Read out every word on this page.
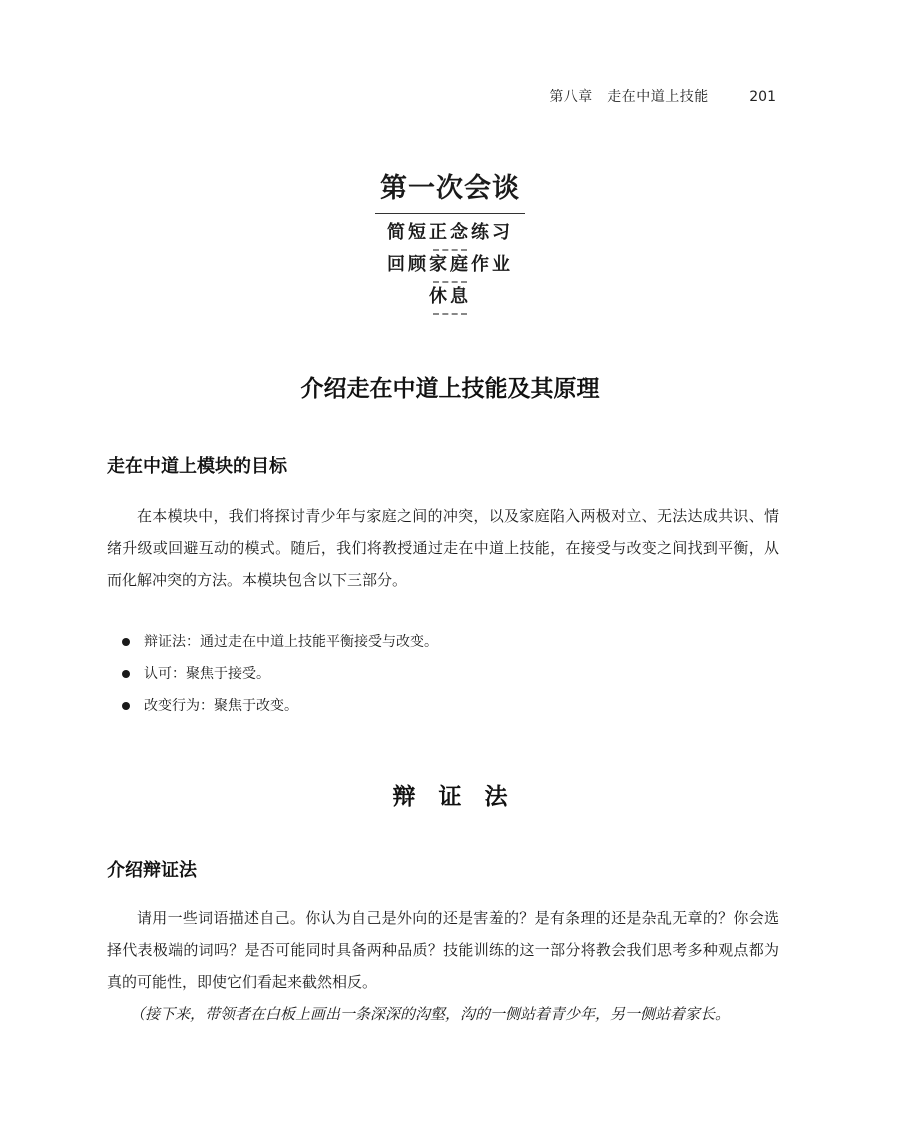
第八章　走在中道上技能	201
第一次会谈
简短正念练习
回顾家庭作业
休息
介绍走在中道上技能及其原理
走在中道上模块的目标
在本模块中，我们将探讨青少年与家庭之间的冲突，以及家庭陷入两极对立、无法达成共识、情绪升级或回避互动的模式。随后，我们将教授通过走在中道上技能，在接受与改变之间找到平衡，从而化解冲突的方法。本模块包含以下三部分。
辩证法：通过走在中道上技能平衡接受与改变。
认可：聚焦于接受。
改变行为：聚焦于改变。
辩　证　法
介绍辩证法
请用一些词语描述自己。你认为自己是外向的还是害羞的？是有条理的还是杂乱无章的？你会选择代表极端的词吗？是否可能同时具备两种品质？技能训练的这一部分将教会我们思考多种观点都为真的可能性，即使它们看起来截然相反。
（接下来，带领者在白板上画出一条深深的沟壑，沟的一侧站着青少年，另一侧站着家长。
